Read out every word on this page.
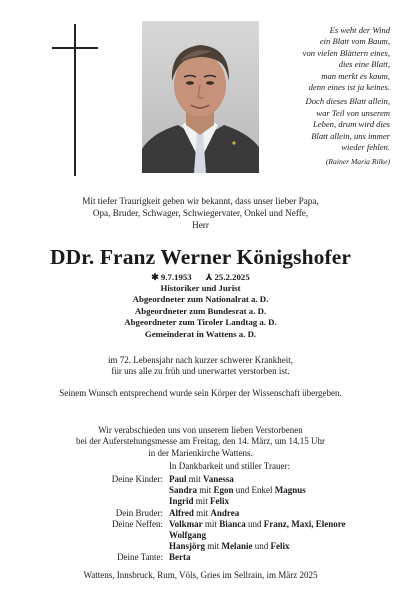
Es weht der Wind
ein Blatt vom Baum,
von vielen Blättern eines,
dies eine Blatt,
man merkt es kaum,
denn eines ist ja keines.
Doch dieses Blatt allein,
war Teil von unserem
Leben, drum wird dies
Blatt allein, uns immer
wieder fehlen.
(Rainer Maria Rilke)
Mit tiefer Traurigkeit geben wir bekannt, dass unser lieber Papa,
Opa, Bruder, Schwager, Schwiegervater, Onkel und Neffe,
Herr
DDr. Franz Werner Königshofer
✱ 9.7.1953 ⅄ 25.2.2025
Historiker und Jurist
Abgeordneter zum Nationalrat a. D.
Abgeordneter zum Bundesrat a. D.
Abgeordneter zum Tiroler Landtag a. D.
Gemeinderat in Wattens a. D.
im 72. Lebensjahr nach kurzer schwerer Krankheit,
für uns alle zu früh und unerwartet verstorben ist.
Seinem Wunsch entsprechend wurde sein Körper der Wissenschaft übergeben.
Wir verabschieden uns von unserem lieben Verstorbenen
bei der Auferstehungsmesse am Freitag, den 14. März, um 14.15 Uhr
in der Marienkirche Wattens.
In Dankbarkeit und stiller Trauer:
Deine Kinder: Paul mit Vanessa
Sandra mit Egon und Enkel Magnus
Ingrid mit Felix
Dein Bruder: Alfred mit Andrea
Deine Neffen: Volkmar mit Bianca und Franz, Maxi, Elenore
Wolfgang
Hansjörg mit Melanie und Felix
Deine Tante: Berta
Wattens, Innsbruck, Rum, Völs, Gries im Sellrain, im März 2025
